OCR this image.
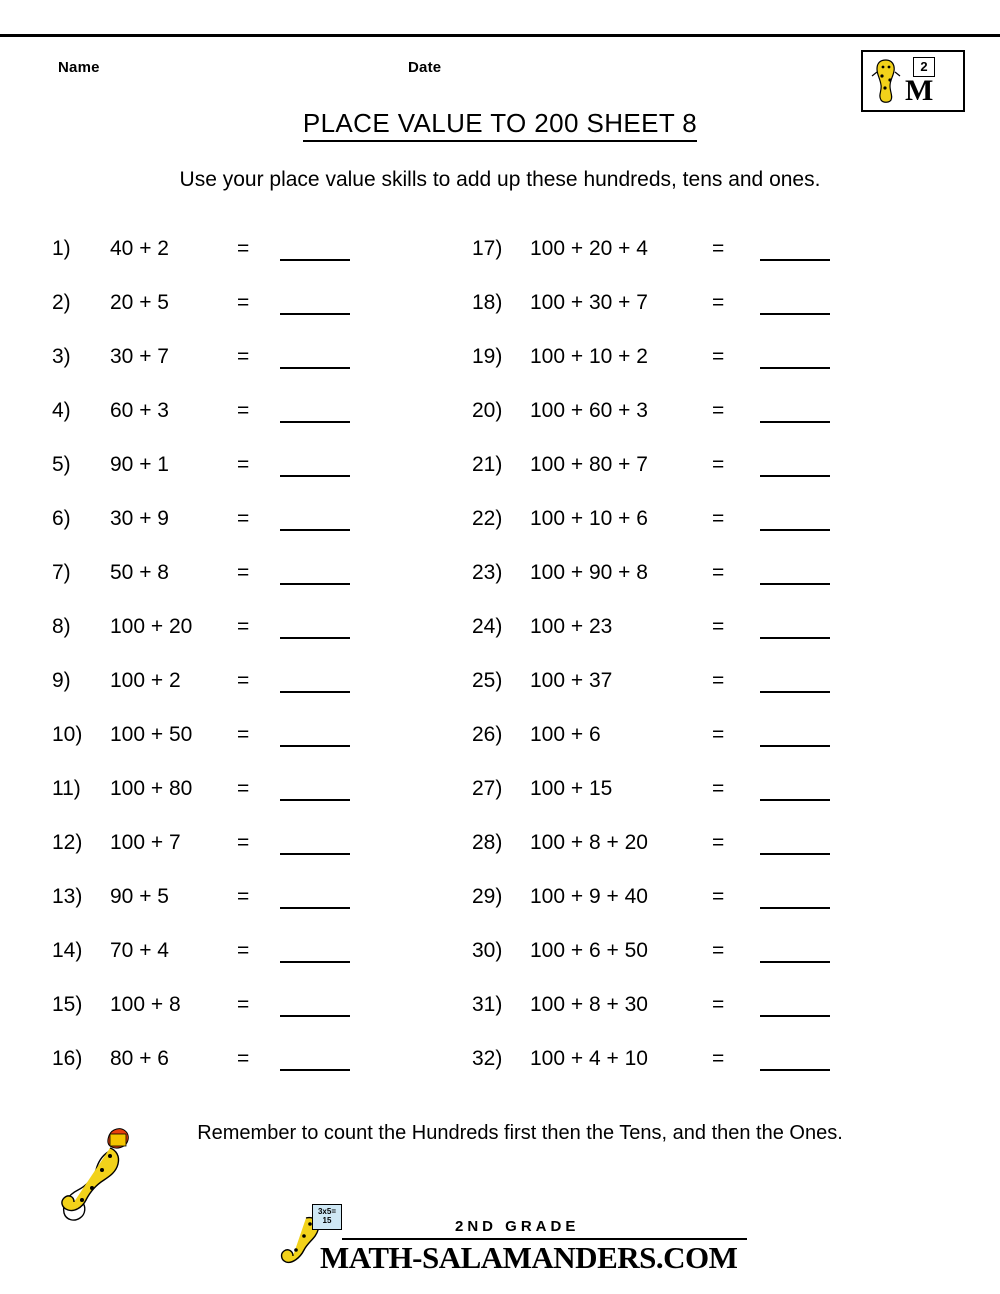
Name	Date	2
M
PLACE VALUE TO 200 SHEET 8
Use your place value skills to add up these hundreds, tens and ones.
1)	40 + 2	=
2)	20 + 5	=
3)	30 + 7	=
4)	60 + 3	=
5)	90 + 1	=
6)	30 + 9	=
7)	50 + 8	=
8)	100 + 20 =
9)	100 + 2	=
10)	100 + 50 =
11)	100 + 80 =
12)	100 + 7	=
13)	90 + 5	=
14)	70 + 4	=
15)	100 + 8	=
16)	80 + 6	=
17)	100 + 20 + 4	=
18)	100 + 30 + 7	=
19)	100 + 10 + 2	=
20)	100 + 60 + 3	=
21)	100 + 80 + 7	=
22)	100 + 10 + 6	=
23)	100 + 90 + 8	=
24)	100 + 23	=
25)	100 + 37	=
26)	100 + 6	=
27)	100 + 15	=
28)	100 + 8 + 20	=
29)	100 + 9 + 40	=
30)	100 + 6 + 50	=
31)	100 + 8 + 30	=
32)	100 + 4 + 10	=
Remember to count the Hundreds first then the Tens, and then the Ones.
2ND GRADE
3x5= 15
MATH-SALAMANDERS.COM
